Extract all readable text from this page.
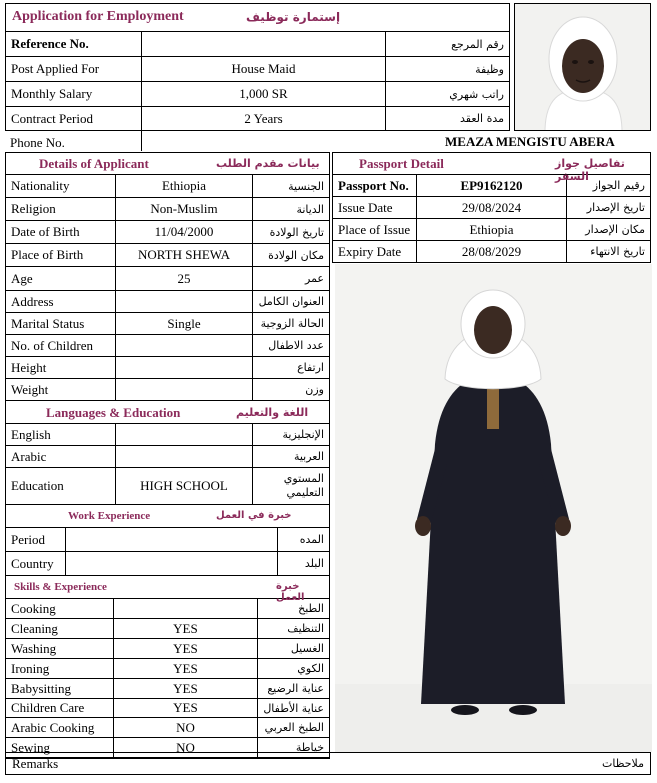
Application for Employment	إستمارة توظيف
Reference No.		رقم المرجع
Post Applied For	House Maid	وظيفة
Monthly Salary	1,000 SR	راتب شهري
Contract Period	2 Years	مدة العقد
Phone No.	MEAZA MENGISTU ABERA
Details of Applicant	بيانات مقدم الطلب
Nationality	Ethiopia	الجنسية
Religion	Non-Muslim	الديانة
Date of Birth	11/04/2000	تاريخ الولادة
Place of Birth	NORTH SHEWA	مكان الولادة
Age	25	عمر
Address		العنوان الكامل
Marital Status	Single	الحالة الزوجية
No. of Children		عدد الاطفال
Height		ارتفاع
Weight		وزن
Languages & Education	اللغة والتعليم
English		الإنجليزية
Arabic		العربية
Education	HIGH SCHOOL	المستوي التعليمي
Work Experience	خبرة في العمل
Period		المده
Country		البلد
Skills & Experience	خبرة العمل
Cooking		الطبخ
Cleaning	YES	التنظيف
Washing	YES	الغسيل
Ironing	YES	الكوي
Babysitting	YES	عناية الرضيع
Children Care	YES	عناية الأطفال
Arabic Cooking	NO	الطبخ العربي
Sewing	NO	خياطة
Passport Detail	تفاصيل جواز السفر
Passport No.	EP9162120	رقيم الجواز
Issue Date	29/08/2024	تاريخ الإصدار
Place of Issue	Ethiopia	مكان الإصدار
Expiry Date	28/08/2029	تاريخ الانتهاء
Remarks	ملاحظات
